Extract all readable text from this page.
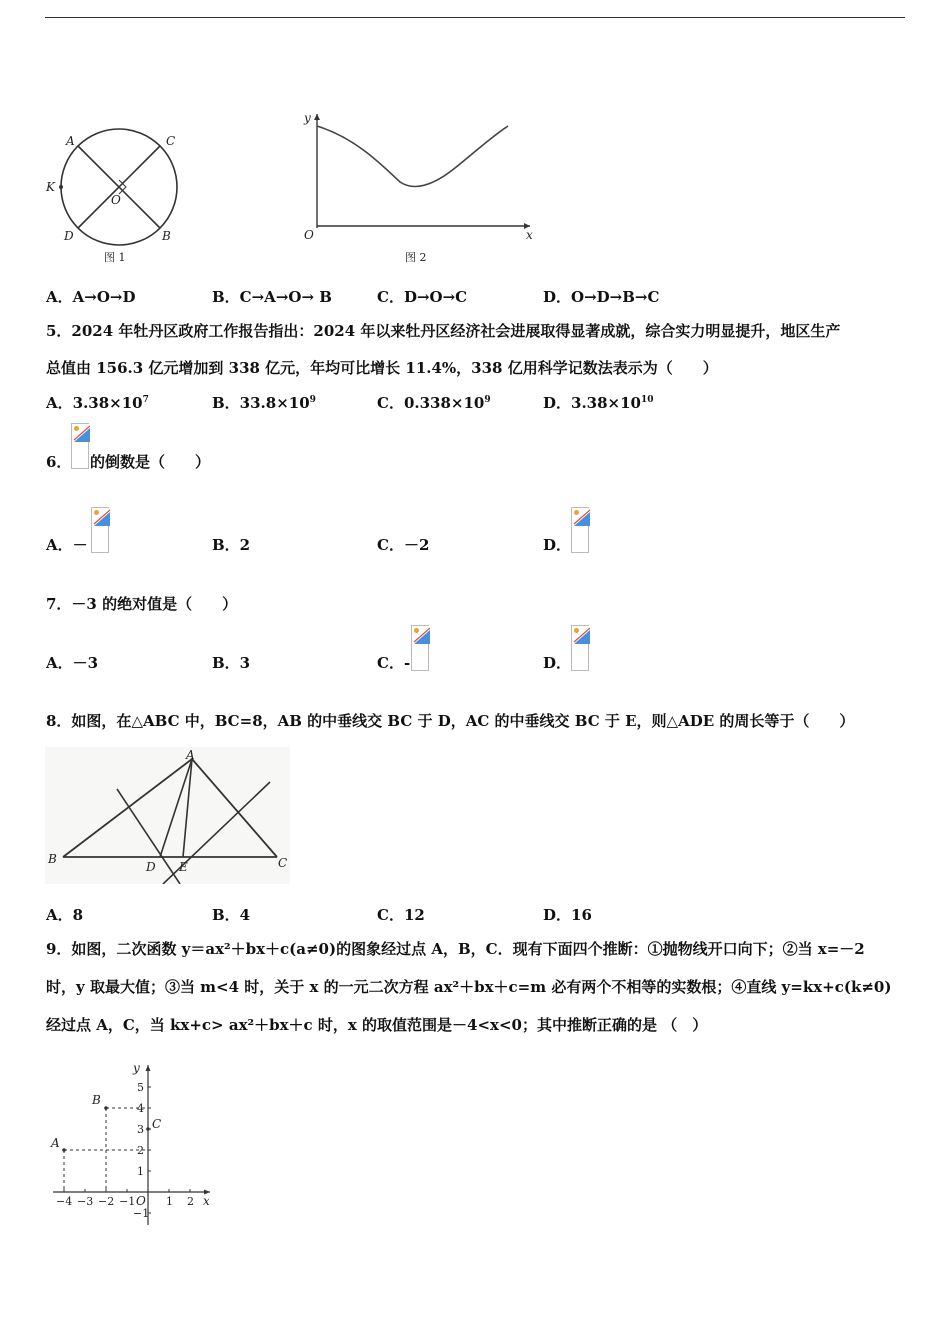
A	C
K
O
D	B
图 1
y
O	x
图 2
A．A→O→D	B．C→A→O→ B	C．D→O→C	D．O→D→B→C
5．2024 年牡丹区政府工作报告指出：2024 年以来牡丹区经济社会进展取得显著成就，综合实力明显提升，地区生产
总值由 156.3 亿元增加到 338 亿元，年均可比增长 11.4%，338 亿用科学记数法表示为（　　）
A．$3.38\times 10^7$	B．$33.8\times 10^9$	C．$0.338\times 10^9$	D．$3.38\times 10^{10}$
6． 的倒数是（　　）
A．－	B．2	C．－2	D．
7．－3 的绝对值是（　　）
A．－3	B．3	C．-	D．
8．如图，在△ABC 中，BC=8，AB 的中垂线交 BC 于 D，AC 的中垂线交 BC 于 E，则△ADE 的周长等于（　　）
A
B	C
D E
A．8	B．4	C．12	D．16
9．如图，二次函数 y＝ax²＋bx＋c(a≠0)的图象经过点 A，B，C．现有下面四个推断：①抛物线开口向下；②当 x=－2
时，y 取最大值；③当 m<4 时，关于 x 的一元二次方程 ax²＋bx＋c=m 必有两个不相等的实数根；④直线 y=kx+c(k≠0)
经过点 A，C，当 kx+c> ax²＋bx＋c 时，x 的取值范围是－4<x<0；其中推断正确的是 （　）
A
B
C
y
x
O
−4 −3 −2 −1	1 2
5
4
3
2
1
−1
